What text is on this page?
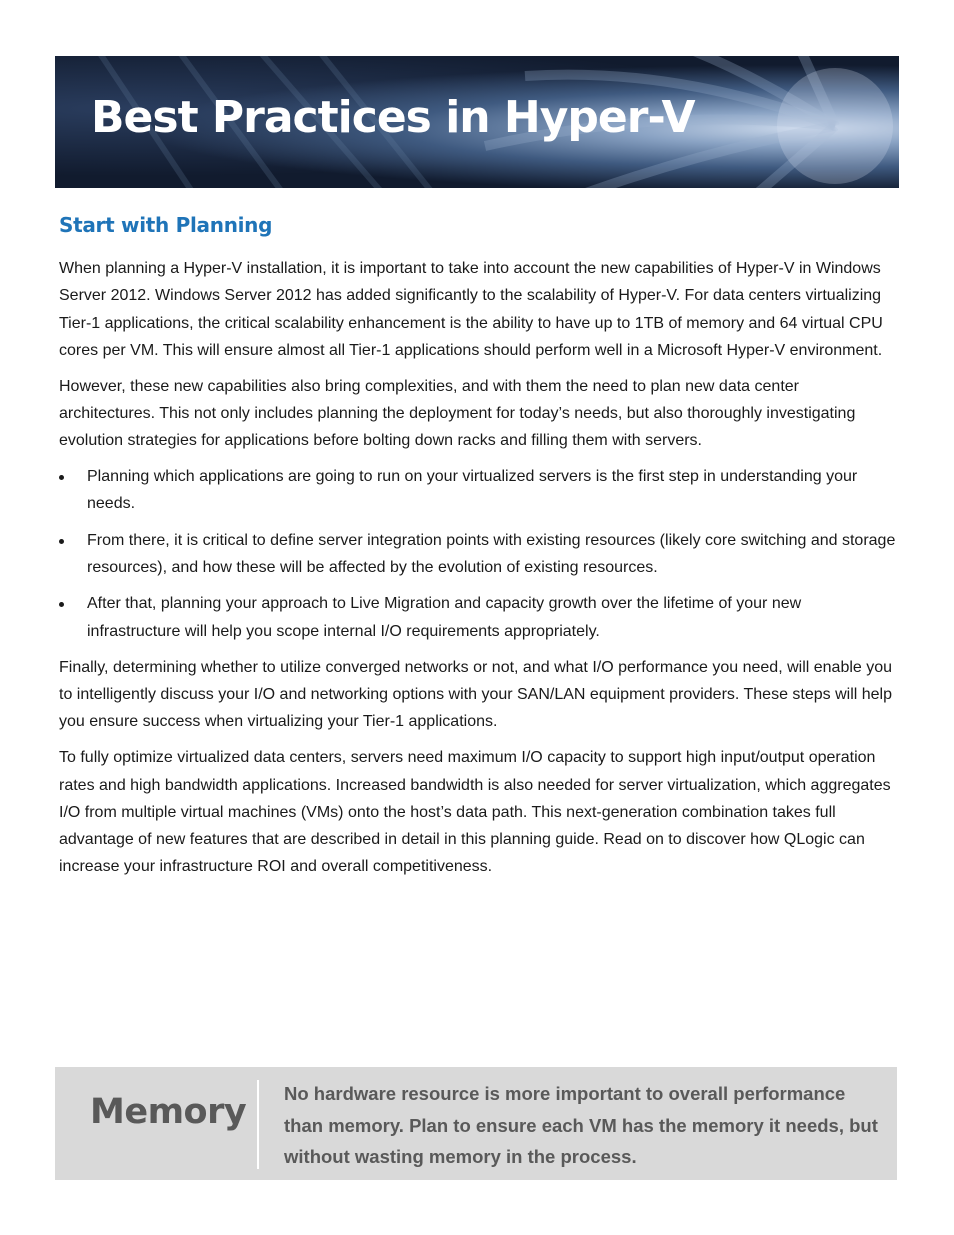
Best Practices in Hyper-V
Start with Planning

When planning a Hyper-V installation, it is important to take into account the new capabilities of Hyper-V in Windows Server 2012. Windows Server 2012 has added significantly to the scalability of Hyper-V. For data centers virtualizing Tier-1 applications, the critical scalability enhancement is the ability to have up to 1TB of memory and 64 virtual CPU cores per VM. This will ensure almost all Tier-1 applications should perform well in a Microsoft Hyper-V environment.

However, these new capabilities also bring complexities, and with them the need to plan new data center architectures. This not only includes planning the deployment for today’s needs, but also thoroughly investigating evolution strategies for applications before bolting down racks and filling them with servers.

Planning which applications are going to run on your virtualized servers is the first step in understanding your needs.
From there, it is critical to define server integration points with existing resources (likely core switching and storage resources), and how these will be affected by the evolution of existing resources.
After that, planning your approach to Live Migration and capacity growth over the lifetime of your new infrastructure will help you scope internal I/O requirements appropriately.

Finally, determining whether to utilize converged networks or not, and what I/O performance you need, will enable you to intelligently discuss your I/O and networking options with your SAN/LAN equipment providers. These steps will help you ensure success when virtualizing your Tier-1 applications.

To fully optimize virtualized data centers, servers need maximum I/O capacity to support high input/output operation rates and high bandwidth applications. Increased bandwidth is also needed for server virtualization, which aggregates I/O from multiple virtual machines (VMs) onto the host’s data path. This next-generation combination takes full advantage of new features that are described in detail in this planning guide. Read on to discover how QLogic can increase your infrastructure ROI and overall competitiveness.

Memory No hardware resource is more important to overall performance than memory. Plan to ensure each VM has the memory it needs, but without wasting memory in the process.
